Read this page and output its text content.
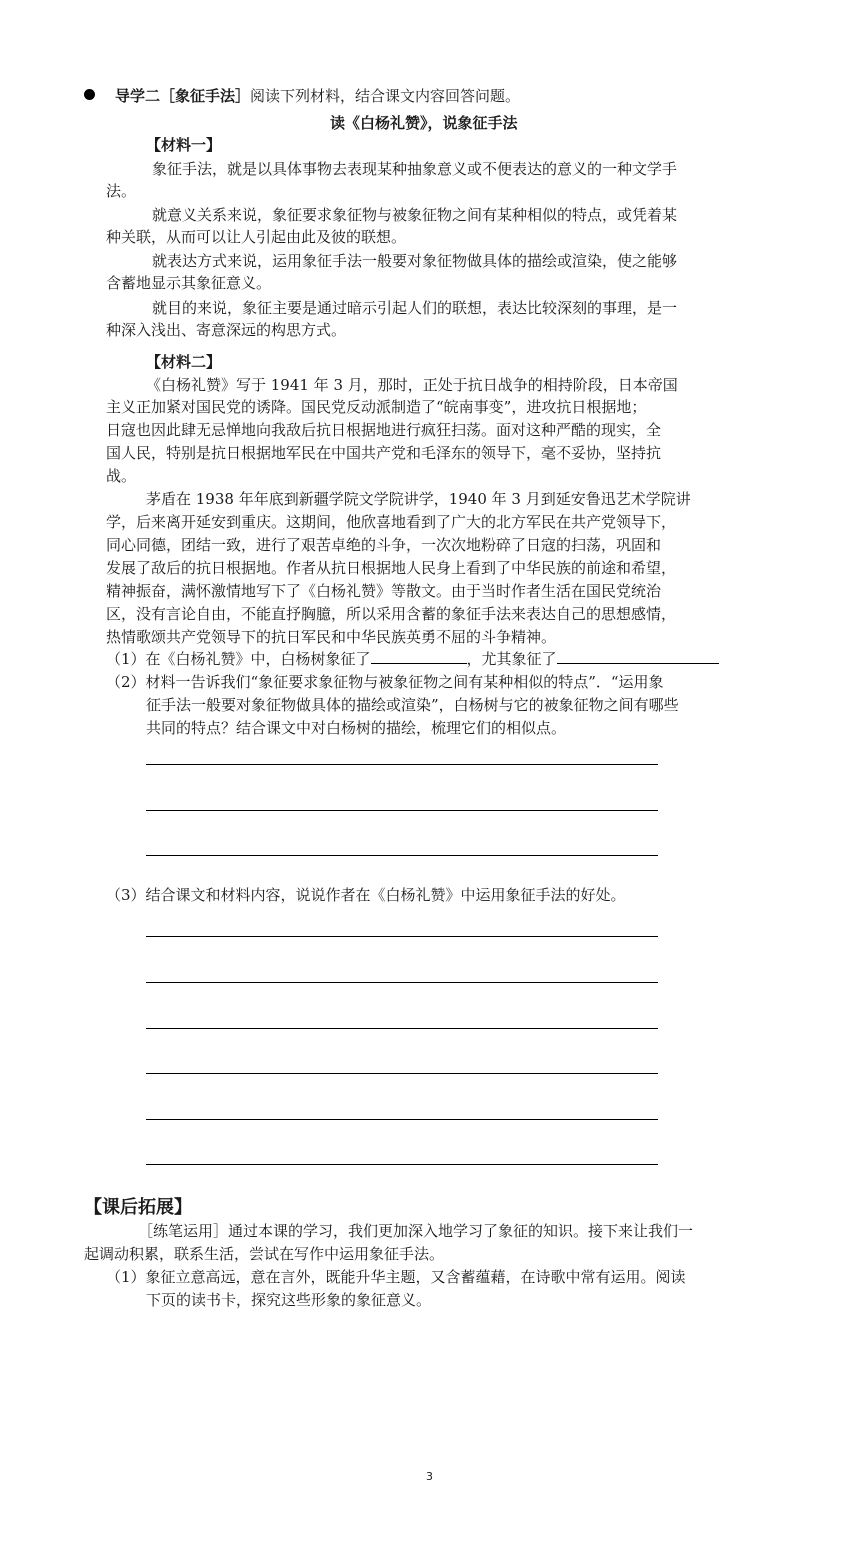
导学二［象征手法］阅读下列材料，结合课文内容回答问题。
读《白杨礼赞》，说象征手法
【材料一】
象征手法，就是以具体事物去表现某种抽象意义或不便表达的意义的一种文学手
法。
就意义关系来说，象征要求象征物与被象征物之间有某种相似的特点，或凭着某
种关联，从而可以让人引起由此及彼的联想。
就表达方式来说，运用象征手法一般要对象征物做具体的描绘或渲染，使之能够
含蓄地显示其象征意义。
就目的来说，象征主要是通过暗示引起人们的联想，表达比较深刻的事理，是一
种深入浅出、寄意深远的构思方式。
【材料二】
《白杨礼赞》写于 1941 年 3 月，那时，正处于抗日战争的相持阶段，日本帝国
主义正加紧对国民党的诱降。国民党反动派制造了“皖南事变”，进攻抗日根据地；
日寇也因此肆无忌惮地向我敌后抗日根据地进行疯狂扫荡。面对这种严酷的现实，全
国人民，特别是抗日根据地军民在中国共产党和毛泽东的领导下，毫不妥协，坚持抗
战。
茅盾在 1938 年年底到新疆学院文学院讲学，1940 年 3 月到延安鲁迅艺术学院讲
学，后来离开延安到重庆。这期间，他欣喜地看到了广大的北方军民在共产党领导下，
同心同德，团结一致，进行了艰苦卓绝的斗争，一次次地粉碎了日寇的扫荡，巩固和
发展了敌后的抗日根据地。作者从抗日根据地人民身上看到了中华民族的前途和希望，
精神振奋，满怀激情地写下了《白杨礼赞》等散文。由于当时作者生活在国民党统治
区，没有言论自由，不能直抒胸臆，所以采用含蓄的象征手法来表达自己的思想感情，
热情歌颂共产党领导下的抗日军民和中华民族英勇不屈的斗争精神。
（1）在《白杨礼赞》中，白杨树象征了	，尤其象征了
（2）材料一告诉我们“象征要求象征物与被象征物之间有某种相似的特点”．“运用象
征手法一般要对象征物做具体的描绘或渲染”，白杨树与它的被象征物之间有哪些
共同的特点？结合课文中对白杨树的描绘，梳理它们的相似点。
（3）结合课文和材料内容，说说作者在《白杨礼赞》中运用象征手法的好处。
【课后拓展】
［练笔运用］通过本课的学习，我们更加深入地学习了象征的知识。接下来让我们一
起调动积累，联系生活，尝试在写作中运用象征手法。
（1）象征立意高远，意在言外，既能升华主题，又含蓄蕴藉，在诗歌中常有运用。阅读
下页的读书卡，探究这些形象的象征意义。
3
